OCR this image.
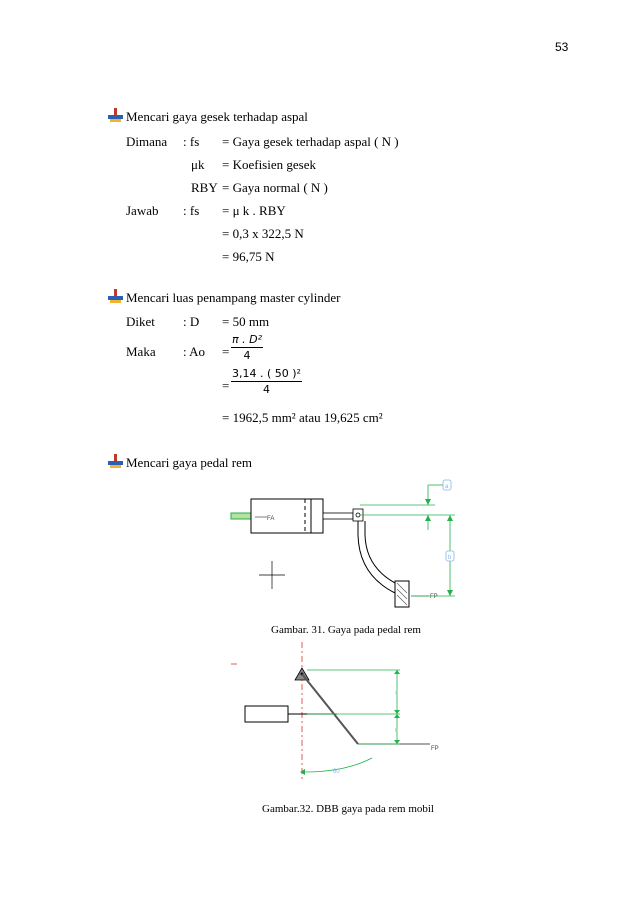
53
Mencari gaya gesek terhadap aspal
Dimana : fs = Gaya gesek terhadap aspal ( N )
μk = Koefisien gesek
RBY = Gaya normal ( N )
Jawab : fs = μ k . RBY
= 0,3 x 322,5 N
= 96,75 N
Mencari luas penampang master cylinder
Diket : D = 50 mm
Maka : Ao =
π . D²
4
=
3,14 . ( 50 )²
4
= 1962,5 mm² atau 19,625 cm²
Mencari gaya pedal rem
FA
FP
a
b
Gambar. 31. Gaya pada pedal rem
FP
a
b
60
Gambar.32. DBB gaya pada rem mobil
